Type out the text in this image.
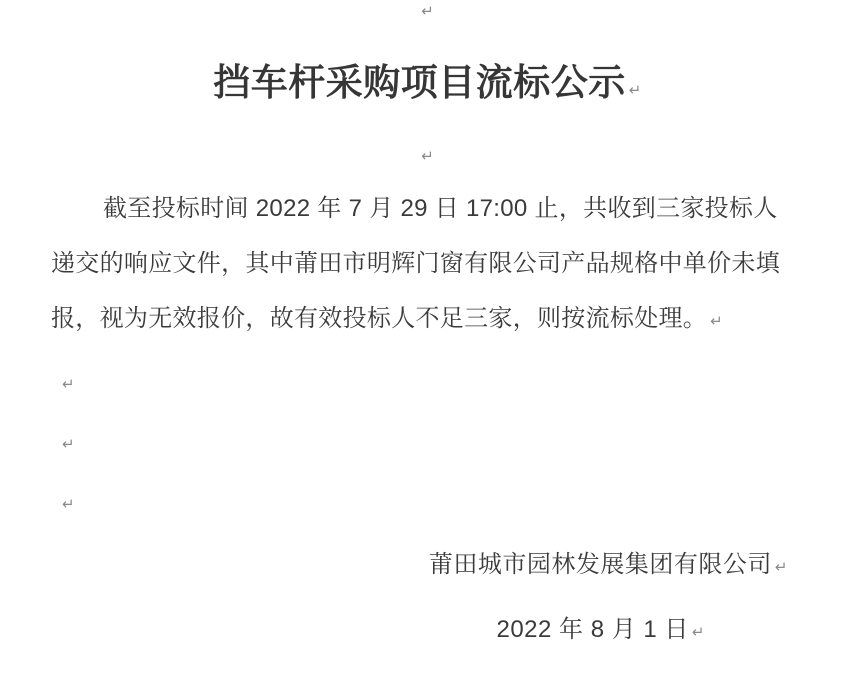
↵
挡车杆采购项目流标公示 ↵
↵
截至投标时间 2022 年 7 月 29 日 17:00 止，共收到三家投标人
递交的响应文件，其中莆田市明辉门窗有限公司产品规格中单价未填
报，视为无效报价，故有效投标人不足三家，则按流标处理。 ↵
↵
↵
↵
莆田城市园林发展集团有限公司 ↵
2022 年 8 月 1 日 ↵
